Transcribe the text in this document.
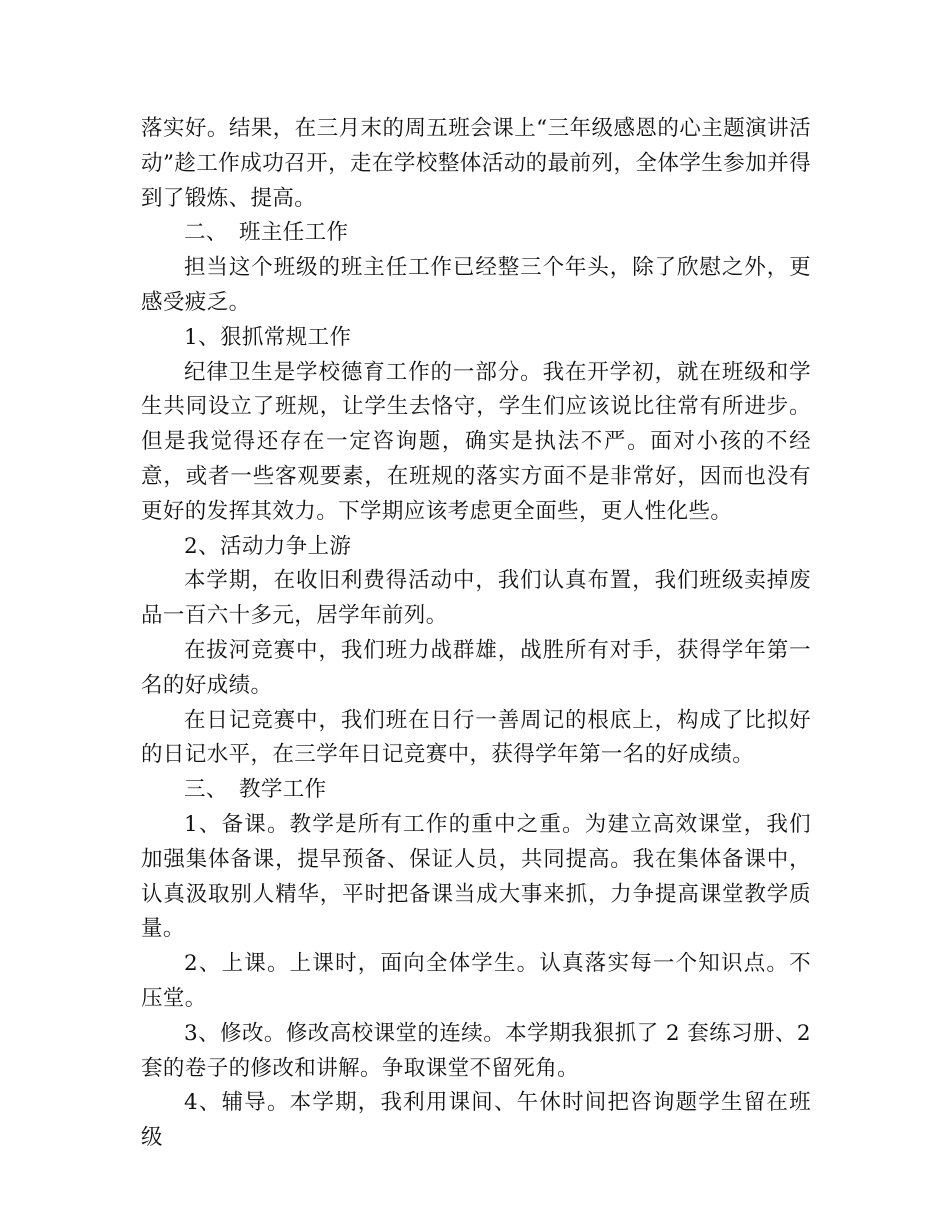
落实好。结果，在三月末的周五班会课上“三年级感恩的心主题演讲活动”趁工作成功召开，走在学校整体活动的最前列，全体学生参加并得到了锻炼、提高。

二、　班主任工作

担当这个班级的班主任工作已经整三个年头，除了欣慰之外，更感受疲乏。

1、狠抓常规工作

纪律卫生是学校德育工作的一部分。我在开学初，就在班级和学生共同设立了班规，让学生去恪守，学生们应该说比往常有所进步。但是我觉得还存在一定咨询题，确实是执法不严。面对小孩的不经意，或者一些客观要素，在班规的落实方面不是非常好，因而也没有更好的发挥其效力。下学期应该考虑更全面些，更人性化些。

2、活动力争上游

本学期，在收旧利费得活动中，我们认真布置，我们班级卖掉废品一百六十多元，居学年前列。

在拔河竞赛中，我们班力战群雄，战胜所有对手，获得学年第一名的好成绩。

在日记竞赛中，我们班在日行一善周记的根底上，构成了比拟好的日记水平，在三学年日记竞赛中，获得学年第一名的好成绩。

三、　教学工作

1、备课。教学是所有工作的重中之重。为建立高效课堂，我们加强集体备课，提早预备、保证人员，共同提高。我在集体备课中，认真汲取别人精华，平时把备课当成大事来抓，力争提高课堂教学质量。

2、上课。上课时，面向全体学生。认真落实每一个知识点。不压堂。

3、修改。修改高校课堂的连续。本学期我狠抓了 2 套练习册、2 套的卷子的修改和讲解。争取课堂不留死角。

4、辅导。本学期，我利用课间、午休时间把咨询题学生留在班级
